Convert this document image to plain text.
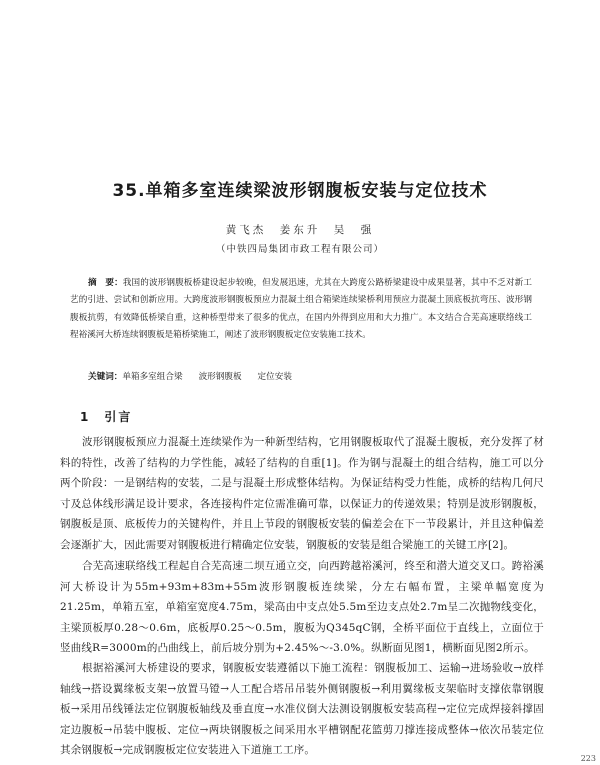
35.单箱多室连续梁波形钢腹板安装与定位技术

黄飞杰　姜东升　吴　强

（中铁四局集团市政工程有限公司）

摘　要：我国的波形钢腹板桥建设起步较晚，但发展迅速，尤其在大跨度公路桥梁建设中成果显著，其中不乏对新工艺的引进、尝试和创新应用。大跨度波形钢腹板预应力混凝土组合箱梁连续梁桥利用预应力混凝土顶底板抗弯压、波形钢腹板抗剪，有效降低桥梁自重，这种桥型带来了很多的优点，在国内外得到应用和大力推广。本文结合合芜高速联络线工程裕溪河大桥连续钢腹板是箱桥梁施工，阐述了波形钢腹板定位安装施工技术。

关键词：单箱多室组合梁 波形钢腹板 定位安装

1　引言

波形钢腹板预应力混凝土连续梁作为一种新型结构，它用钢腹板取代了混凝土腹板，充分发挥了材料的特性，改善了结构的力学性能，减轻了结构的自重[1]。作为钢与混凝土的组合结构，施工可以分两个阶段：一是钢结构的安装，二是与混凝土形成整体结构。为保证结构受力性能，成桥的结构几何尺寸及总体线形满足设计要求，各连接构件定位需准确可靠，以保证力的传递效果；特别是波形钢腹板，钢腹板是顶、底板传力的关键构件，并且上节段的钢腹板安装的偏差会在下一节段累计，并且这种偏差会逐渐扩大，因此需要对钢腹板进行精确定位安装，钢腹板的安装是组合梁施工的关键工序[2]。

合芜高速联络线工程起自合芜高速二坝互通立交，向西跨越裕溪河，终至和潜大道交叉口。跨裕溪河大桥设计为55m+93m+83m+55m波形钢腹板连续梁，分左右幅布置，主梁单幅宽度为21.25m，单箱五室，单箱室宽度4.75m，梁高由中支点处5.5m至边支点处2.7m呈二次抛物线变化，主梁顶板厚0.28～0.6m，底板厚0.25～0.5m，腹板为Q345qC钢，全桥平面位于直线上，立面位于竖曲线R=3000m的凸曲线上，前后坡分别为+2.45%～-3.0%。纵断面见图1，横断面见图2所示。

根据裕溪河大桥建设的要求，钢腹板安装遵循以下施工流程：钢腹板加工、运输→进场验收→放样轴线→搭设翼缘板支架→放置马镫→人工配合塔吊吊装外侧钢腹板→利用翼缘板支架临时支撑依靠钢腹板→采用吊线锤法定位钢腹板轴线及垂直度→水准仪倒大法测设钢腹板安装高程→定位完成焊接斜撑固定边腹板→吊装中腹板、定位→两块钢腹板之间采用水平槽钢配花篮剪刀撑连接成整体→依次吊装定位其余钢腹板→完成钢腹板定位安装进入下道施工工序。

223
